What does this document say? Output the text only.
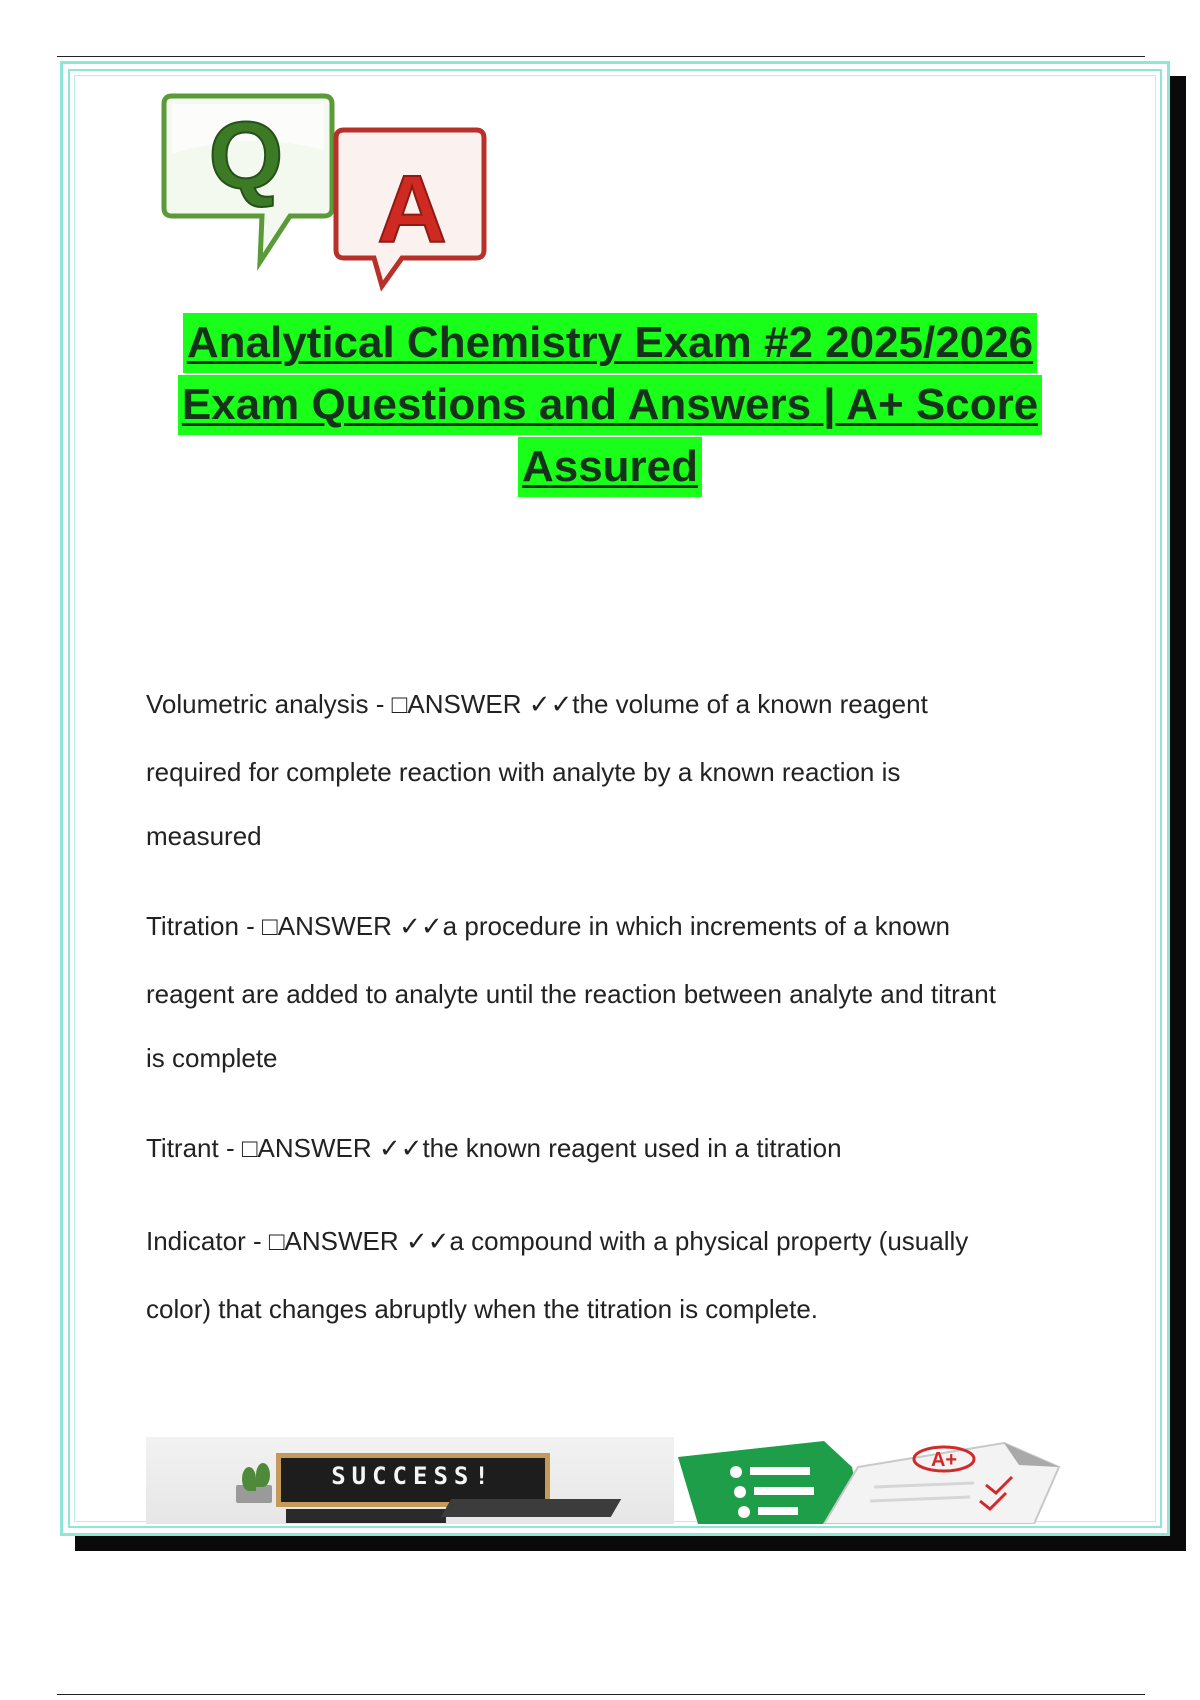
Q
A
Analytical Chemistry Exam #2 2025/2026
Exam Questions and Answers | A+ Score
Assured
Volumetric analysis - □ANSWER ✓✓the volume of a known reagent
required for complete reaction with analyte by a known reaction is
measured
Titration - □ANSWER ✓✓a procedure in which increments of a known
reagent are added to analyte until the reaction between analyte and titrant
is complete
Titrant - □ANSWER ✓✓the known reagent used in a titration
Indicator - □ANSWER ✓✓a compound with a physical property (usually
color) that changes abruptly when the titration is complete.
SUCCESS!
A+
